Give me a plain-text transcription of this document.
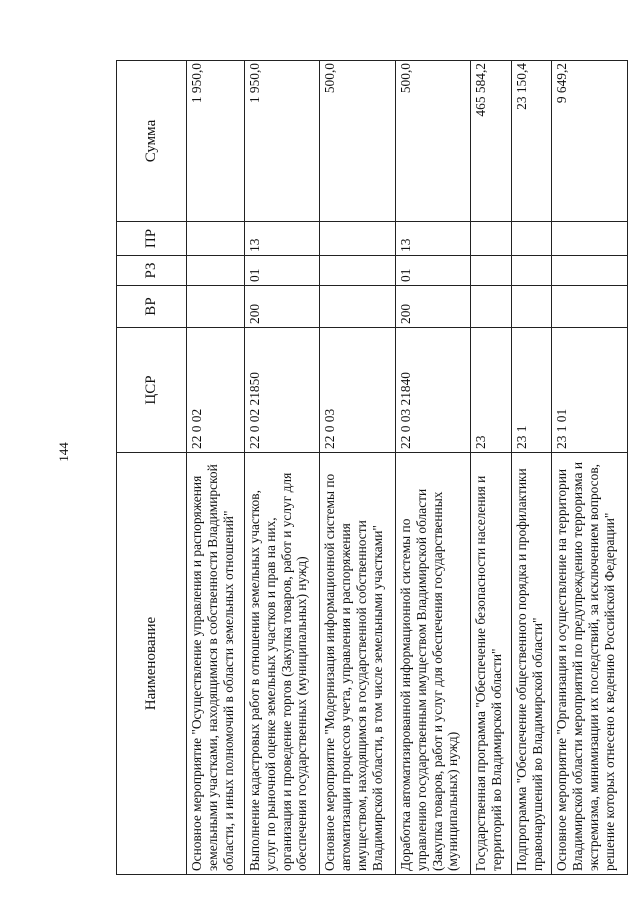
144
Наименование	ЦСР	ВР	РЗ	ПР	Сумма
Основное мероприятие "Осуществление управления и распоряжения земельными участками, находящимися в собственности Владимирской области, и иных полномочий в области земельных отношений"	22 0 02				1 950,0
Выполнение кадастровых работ в отношении земельных участков, услуг по рыночной оценке земельных участков и прав на них, организация и проведение торгов (Закупка товаров, работ и услуг для обеспечения государственных (муниципальных) нужд)	22 0 02 21850	200	01	13	1 950,0
Основное мероприятие "Модернизация информационной системы по автоматизации процессов учета, управления и распоряжения имуществом, находящимся в государственной собственности Владимирской области, в том числе земельными участками"	22 0 03				500,0
Доработка автоматизированной информационной системы по управлению государственным имуществом Владимирской области (Закупка товаров, работ и услуг для обеспечения государственных (муниципальных) нужд)	22 0 03 21840	200	01	13	500,0
Государственная программа "Обеспечение безопасности населения и территорий во Владимирской области"	23				465 584,2
Подпрограмма "Обеспечение общественного порядка и профилактики правонарушений во Владимирской области"	23 1				23 150,4
Основное мероприятие "Организация и осуществление на территории Владимирской области мероприятий по предупреждению терроризма и экстремизма, минимизации их последствий, за исключением вопросов, решение которых отнесено к ведению Российской Федерации"	23 1 01				9 649,2
